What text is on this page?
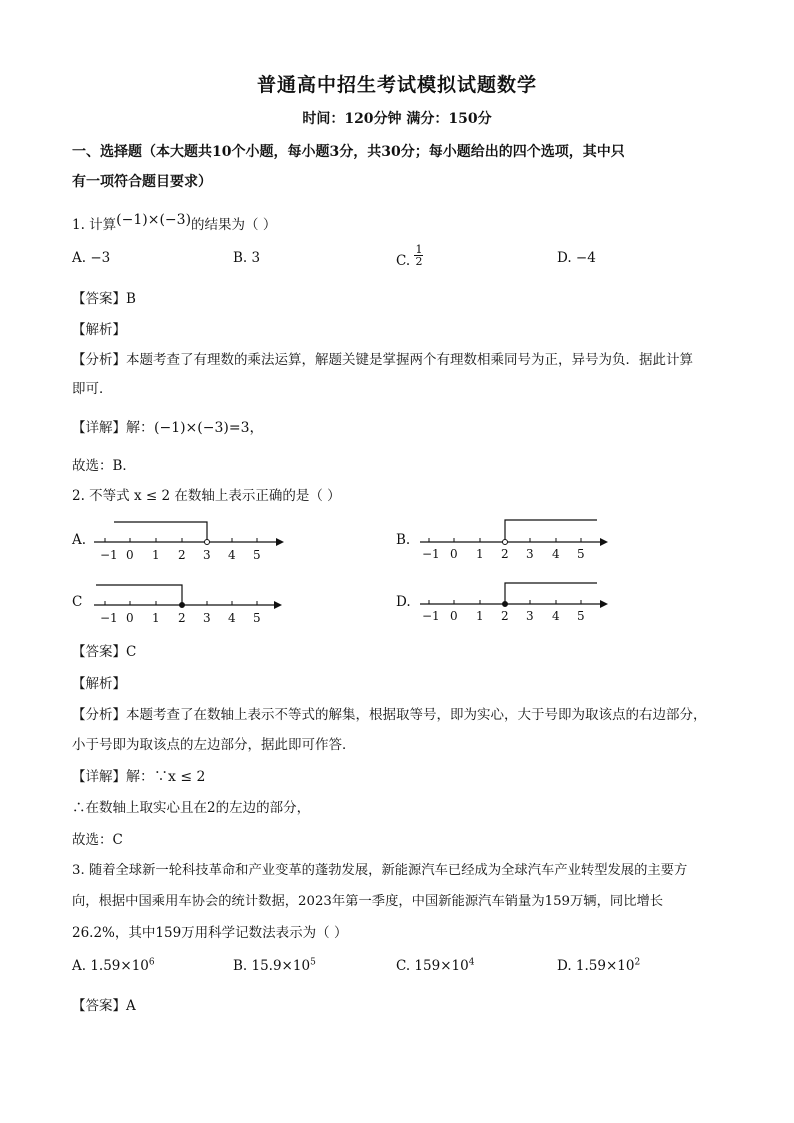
普通高中招生考试模拟试题数学
时间：120分钟 满分：150分
一、选择题（本大题共10个小题，每小题3分，共30分；每小题给出的四个选项，其中只
有一项符合题目要求）
1. 计算(−1)×(−3)的结果为（ ）
A. −3	B. 3	C. $\frac{1}{2}$	D. −4
【答案】B
【解析】
【分析】本题考查了有理数的乘法运算，解题关键是掌握两个有理数相乘同号为正，异号为负．据此计算
即可．
【详解】解：(−1)×(−3)=3，
故选：B．
2. 不等式 x ≤ 2 在数轴上表示正确的是（ ）
A.	B.
C	D.
−1 0 1 2 3 4 5	−1 0 1 2 3 4 5
−1 0 1 2 3 4 5	−1 0 1 2 3 4 5
【答案】C
【解析】
【分析】本题考查了在数轴上表示不等式的解集，根据取等号，即为实心，大于号即为取该点的右边部分，
小于号即为取该点的左边部分，据此即可作答．
【详解】解：∵x ≤ 2
∴在数轴上取实心且在2的左边的部分，
故选：C
3. 随着全球新一轮科技革命和产业变革的蓬勃发展，新能源汽车已经成为全球汽车产业转型发展的主要方
向，根据中国乘用车协会的统计数据，2023年第一季度，中国新能源汽车销量为159万辆，同比增长
26.2%，其中159万用科学记数法表示为（ ）
A. $1.59\times 10^6$	B. $15.9\times 10^5$	C. $159\times 10^4$	D. $1.59\times 10^2$
【答案】A
